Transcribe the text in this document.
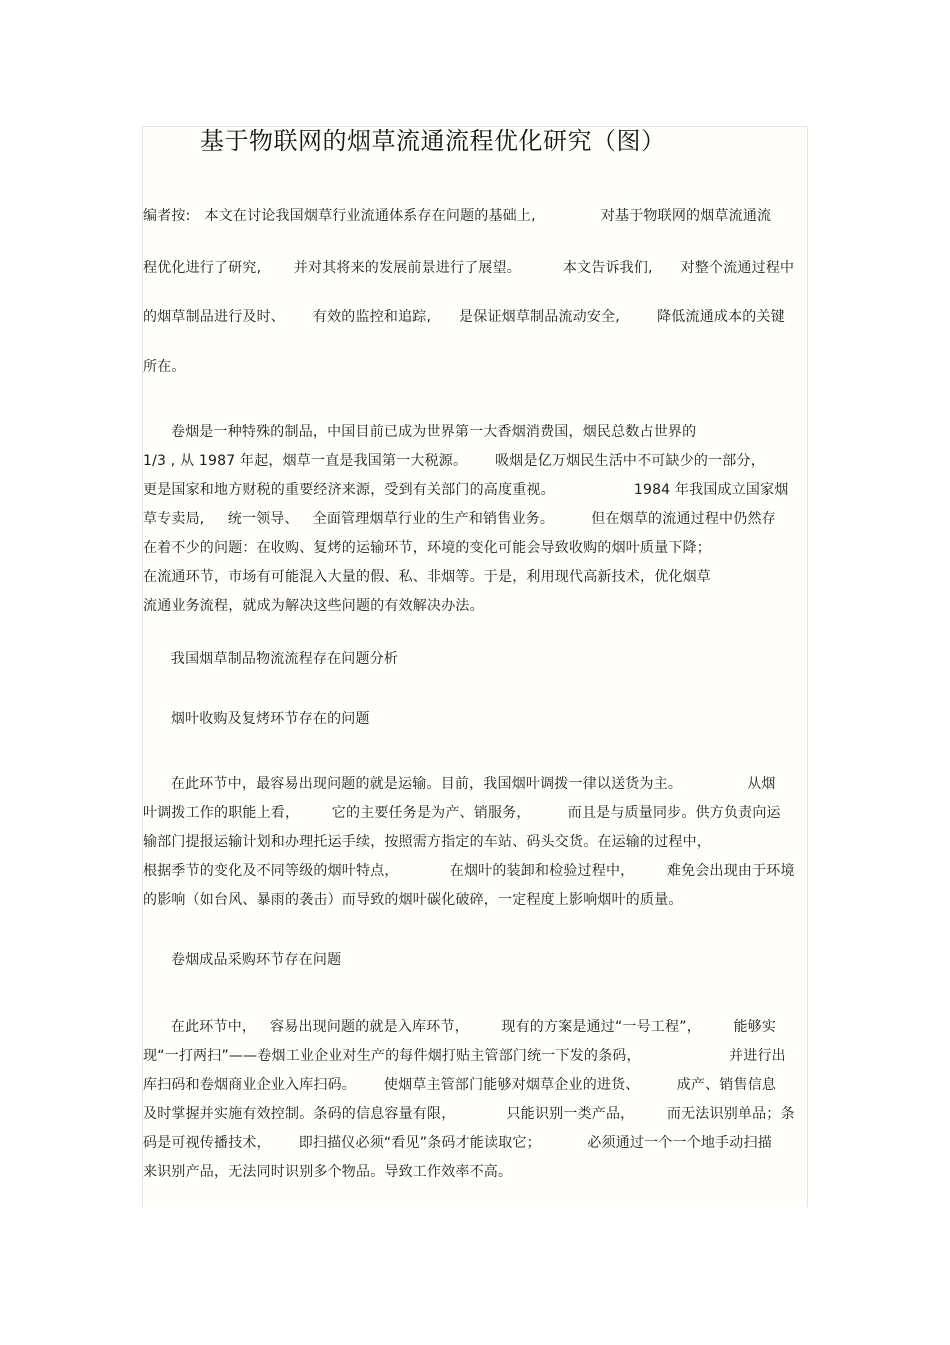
基于物联网的烟草流通流程优化研究（图）
编者按:   本文在讨论我国烟草行业流通体系存在问题的基础上,              对基于物联网的烟草流通流
程优化进行了研究,       并对其将来的发展前景进行了展望。         本文告诉我们,      对整个流通过程中
的烟草制品进行及时、      有效的监控和追踪,      是保证烟草制品流动安全,        降低流通成本的关键
所在。
卷烟是一种特殊的制品，中国目前已成为世界第一大香烟消费国，烟民总数占世界的
1/3 , 从 1987 年起，烟草一直是我国第一大税源。      吸烟是亿万烟民生活中不可缺少的一部分，
更是国家和地方财税的重要经济来源，受到有关部门的高度重视。                 1984 年我国成立国家烟
草专卖局,     统一领导、   全面管理烟草行业的生产和销售业务。        但在烟草的流通过程中仍然存
在着不少的问题：在收购、复烤的运输环节，环境的变化可能会导致收购的烟叶质量下降；
在流通环节，市场有可能混入大量的假、私、非烟等。于是，利用现代高新技术，优化烟草
流通业务流程，就成为解决这些问题的有效解决办法。
我国烟草制品物流流程存在问题分析
烟叶收购及复烤环节存在的问题
在此环节中，最容易出现问题的就是运输。目前，我国烟叶调拨一律以送货为主。              从烟
叶调拨工作的职能上看，       它的主要任务是为产、销服务，        而且是与质量同步。供方负责向运
输部门提报运输计划和办理托运手续，按照需方指定的车站、码头交货。在运输的过程中，
根据季节的变化及不同等级的烟叶特点，           在烟叶的装卸和检验过程中，       难免会出现由于环境
的影响（如台风、暴雨的袭击）而导致的烟叶碳化破碎，一定程度上影响烟叶的质量。
卷烟成品采购环节存在问题
在此环节中，   容易出现问题的就是入库环节，       现有的方案是通过“一号工程”，       能够实
现“一打两扫”——卷烟工业企业对生产的每件烟打贴主管部门统一下发的条码，                   并进行出
库扫码和卷烟商业企业入库扫码。      使烟草主管部门能够对烟草企业的进货、        成产、销售信息
及时掌握并实施有效控制。条码的信息容量有限，           只能识别一类产品，       而无法识别单品；条
码是可视传播技术，      即扫描仪必须“看见”条码才能读取它；          必须通过一个一个地手动扫描
来识别产品，无法同时识别多个物品。导致工作效率不高。
